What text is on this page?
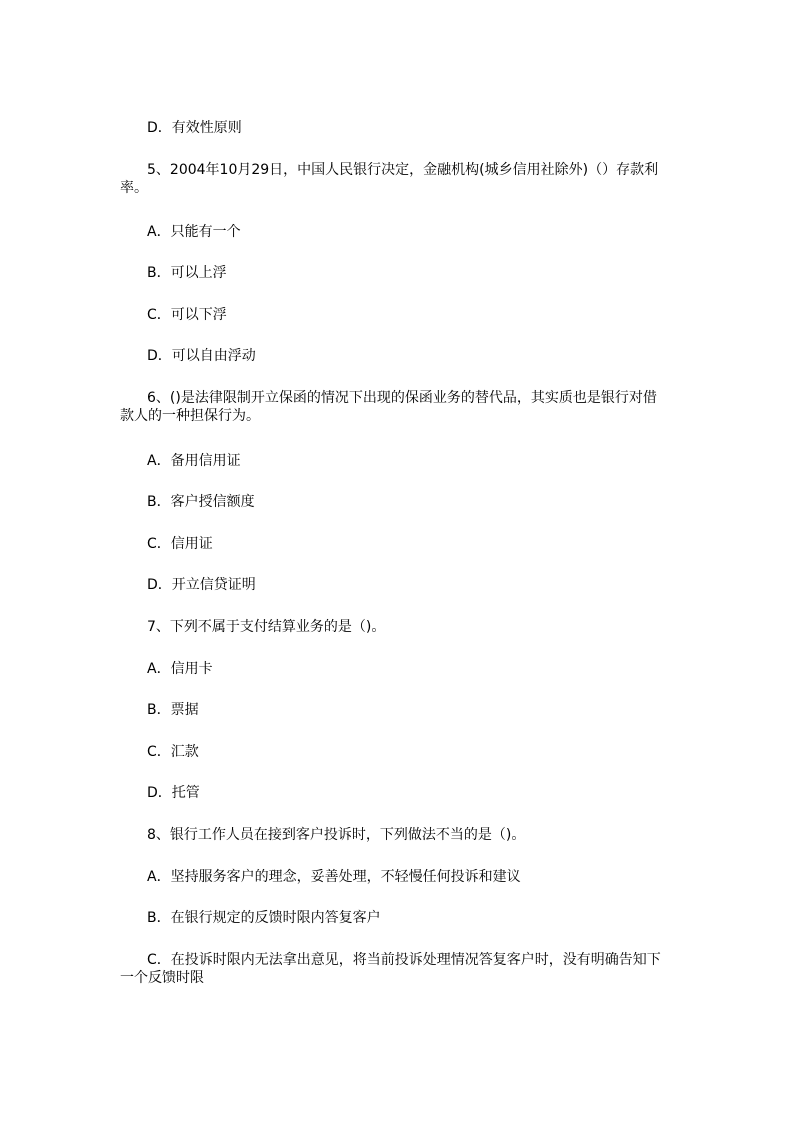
D．有效性原则

5、2004年10月29日，中国人民银行决定，金融机构(城乡信用社除外)（）存款利率。

A．只能有一个

B．可以上浮

C．可以下浮

D．可以自由浮动

6、()是法律限制开立保函的情况下出现的保函业务的替代品，其实质也是银行对借款人的一种担保行为。

A．备用信用证

B．客户授信额度

C．信用证

D．开立信贷证明

7、下列不属于支付结算业务的是（)。

A．信用卡

B．票据

C．汇款

D．托管

8、银行工作人员在接到客户投诉时，下列做法不当的是（)。

A．坚持服务客户的理念，妥善处理，不轻慢任何投诉和建议

B．在银行规定的反馈时限内答复客户

C．在投诉时限内无法拿出意见，将当前投诉处理情况答复客户时，没有明确告知下一个反馈时限
